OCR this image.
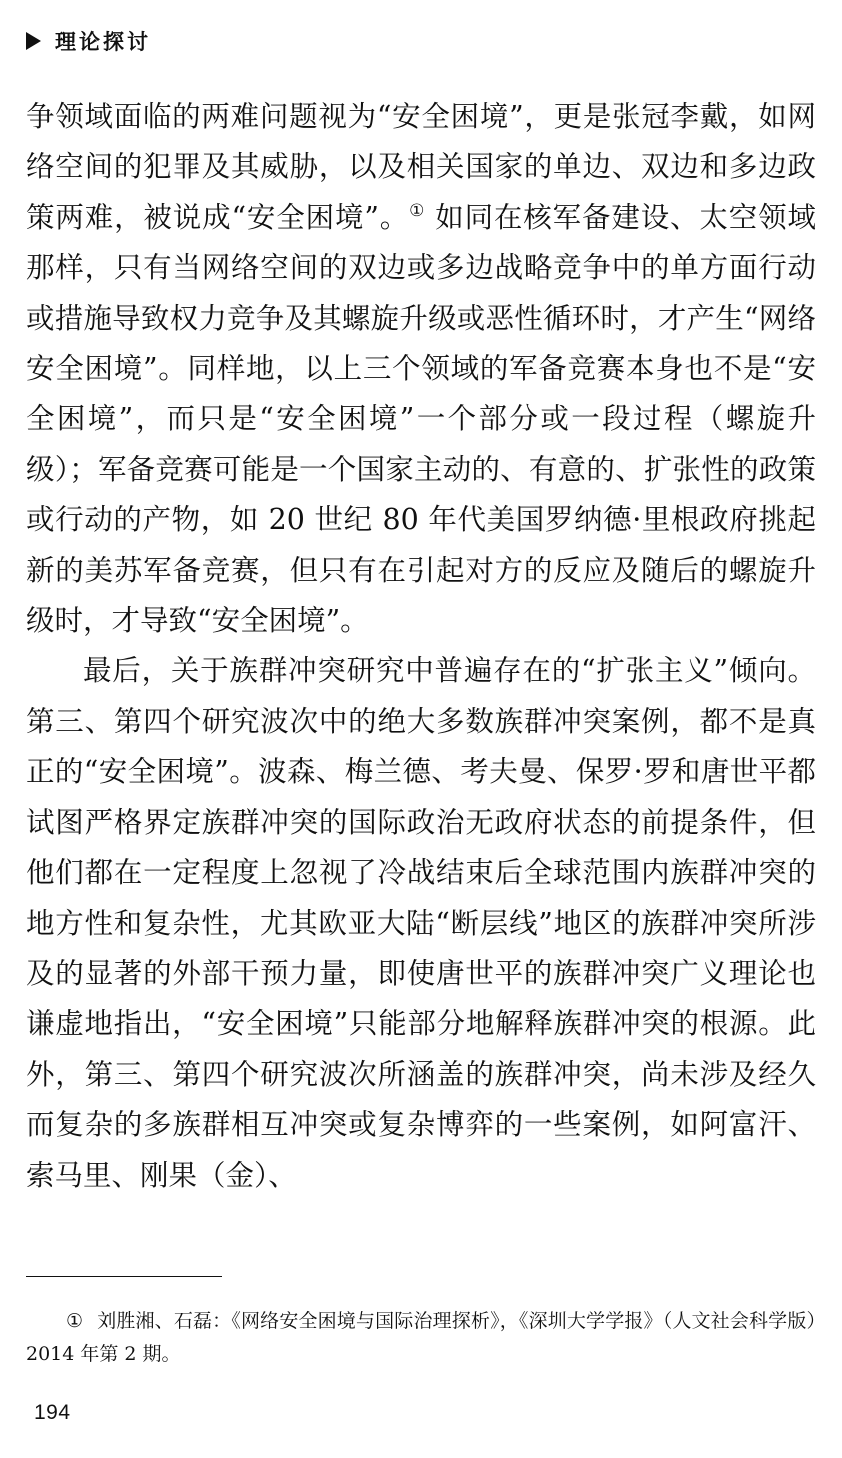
理论探讨

争领域面临的两难问题视为“安全困境”，更是张冠李戴，如网络空间的犯罪及其威胁，以及相关国家的单边、双边和多边政策两难，被说成“安全困境”。① 如同在核军备建设、太空领域那样，只有当网络空间的双边或多边战略竞争中的单方面行动或措施导致权力竞争及其螺旋升级或恶性循环时，才产生“网络安全困境”。同样地，以上三个领域的军备竞赛本身也不是“安全困境”，而只是“安全困境”一个部分或一段过程（螺旋升级）；军备竞赛可能是一个国家主动的、有意的、扩张性的政策或行动的产物，如 20 世纪 80 年代美国罗纳德·里根政府挑起新的美苏军备竞赛，但只有在引起对方的反应及随后的螺旋升级时，才导致“安全困境”。

最后，关于族群冲突研究中普遍存在的“扩张主义”倾向。第三、第四个研究波次中的绝大多数族群冲突案例，都不是真正的“安全困境”。波森、梅兰德、考夫曼、保罗·罗和唐世平都试图严格界定族群冲突的国际政治无政府状态的前提条件，但他们都在一定程度上忽视了冷战结束后全球范围内族群冲突的地方性和复杂性，尤其欧亚大陆“断层线”地区的族群冲突所涉及的显著的外部干预力量，即使唐世平的族群冲突广义理论也谦虚地指出，“安全困境”只能部分地解释族群冲突的根源。此外，第三、第四个研究波次所涵盖的族群冲突，尚未涉及经久而复杂的多族群相互冲突或复杂博弈的一些案例，如阿富汗、索马里、刚果（金）、

① 刘胜湘、石磊：《网络安全困境与国际治理探析》，《深圳大学学报》（人文社会科学版）2014 年第 2 期。
194
